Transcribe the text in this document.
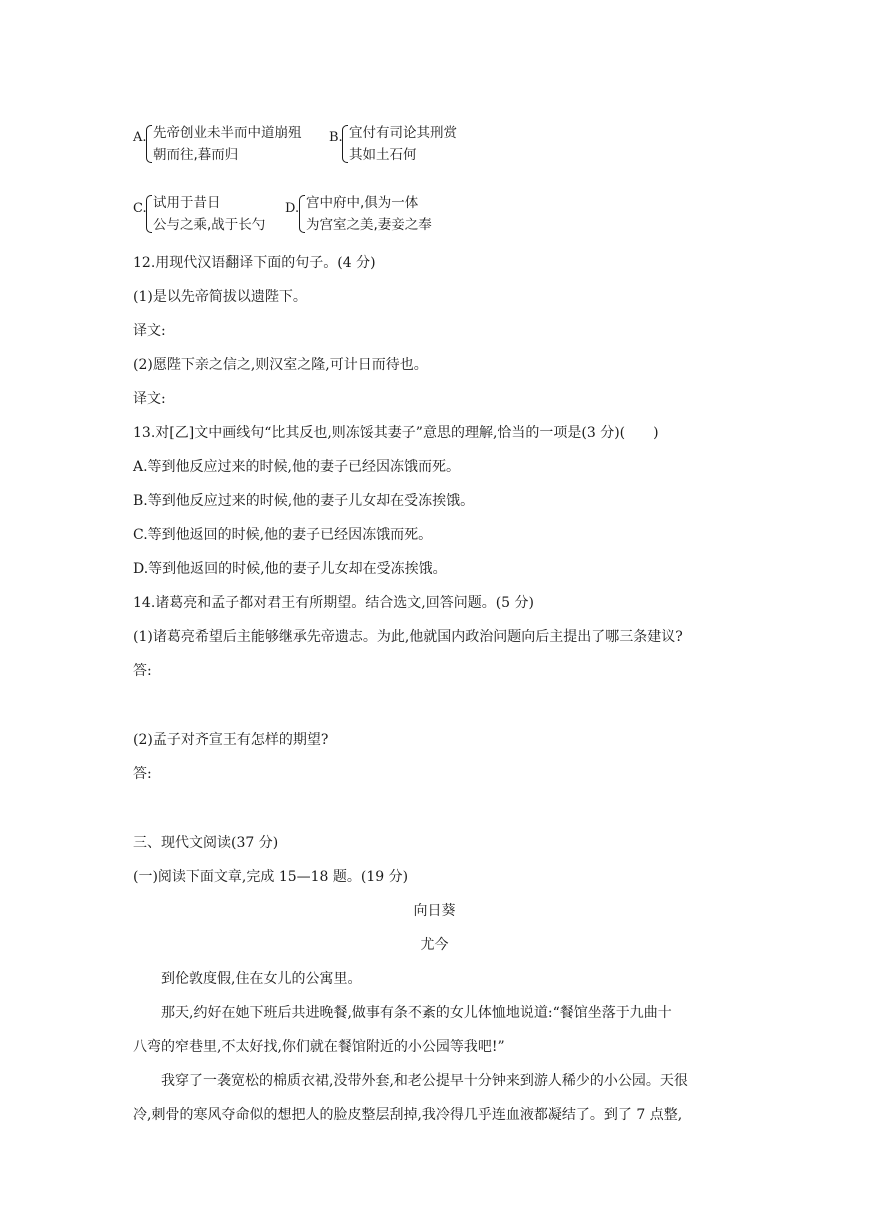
A. 先帝创业未半而中道崩殂
朝而往,暮而归
B. 宜付有司论其刑赏
其如土石何
C. 试用于昔日
公与之乘,战于长勺
D. 宫中府中,俱为一体
为宫室之美,妻妾之奉
12.用现代汉语翻译下面的句子。(4 分)
(1)是以先帝简拔以遗陛下。
译文:
(2)愿陛下亲之信之,则汉室之隆,可计日而待也。
译文:
13.对[乙]文中画线句“比其反也,则冻馁其妻子”意思的理解,恰当的一项是(3 分)(　　)
A.等到他反应过来的时候,他的妻子已经因冻饿而死。
B.等到他反应过来的时候,他的妻子儿女却在受冻挨饿。
C.等到他返回的时候,他的妻子已经因冻饿而死。
D.等到他返回的时候,他的妻子儿女却在受冻挨饿。
14.诸葛亮和孟子都对君王有所期望。结合选文,回答问题。(5 分)
(1)诸葛亮希望后主能够继承先帝遗志。为此,他就国内政治问题向后主提出了哪三条建议?
答:
(2)孟子对齐宣王有怎样的期望?
答:
三、现代文阅读(37 分)
(一)阅读下面文章,完成 15—18 题。(19 分)
向日葵
尤今
到伦敦度假,住在女儿的公寓里。
那天,约好在她下班后共进晚餐,做事有条不紊的女儿体恤地说道:“餐馆坐落于九曲十
八弯的窄巷里,不太好找,你们就在餐馆附近的小公园等我吧!”
我穿了一袭宽松的棉质衣裙,没带外套,和老公提早十分钟来到游人稀少的小公园。天很
冷,刺骨的寒风夺命似的想把人的脸皮整层刮掉,我冷得几乎连血液都凝结了。到了 7 点整,
